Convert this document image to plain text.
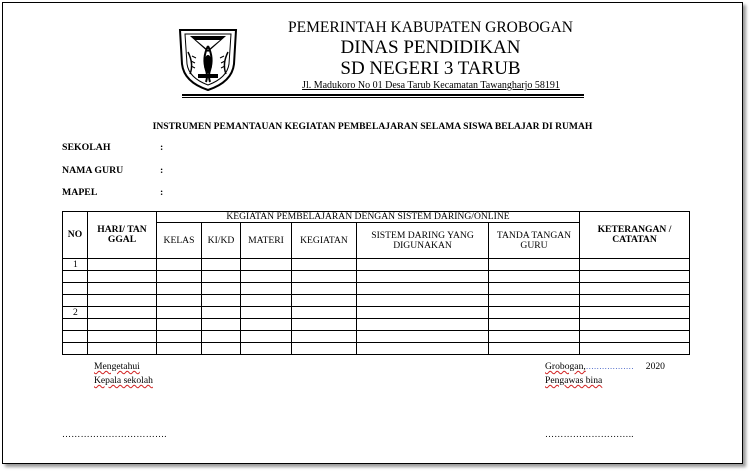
PEMERINTAH KABUPATEN GROBOGAN
DINAS PENDIDIKAN
SD NEGERI 3 TARUB
Jl. Madukoro No 01 Desa Tarub Kecamatan Tawangharjo 58191
INSTRUMEN PEMANTAUAN KEGIATAN PEMBELAJARAN SELAMA SISWA BELAJAR DI RUMAH
SEKOLAH	:
NAMA GURU	:
MAPEL	:
NO	HARI/ TAN GGAL	KEGIATAN PEMBELAJARAN DENGAN SISTEM DARING/ONLINE						KETERANGAN / CATATAN
		KELAS	KI/KD	MATERI	KEGIATAN	SISTEM DARING YANG DIGUNAKAN	TANDA TANGAN GURU	
1								

2								

Mengetahui
Kepala sekolah
Grobogan,……………… 2020
Pengawas bina
…………………………….	………………………..
